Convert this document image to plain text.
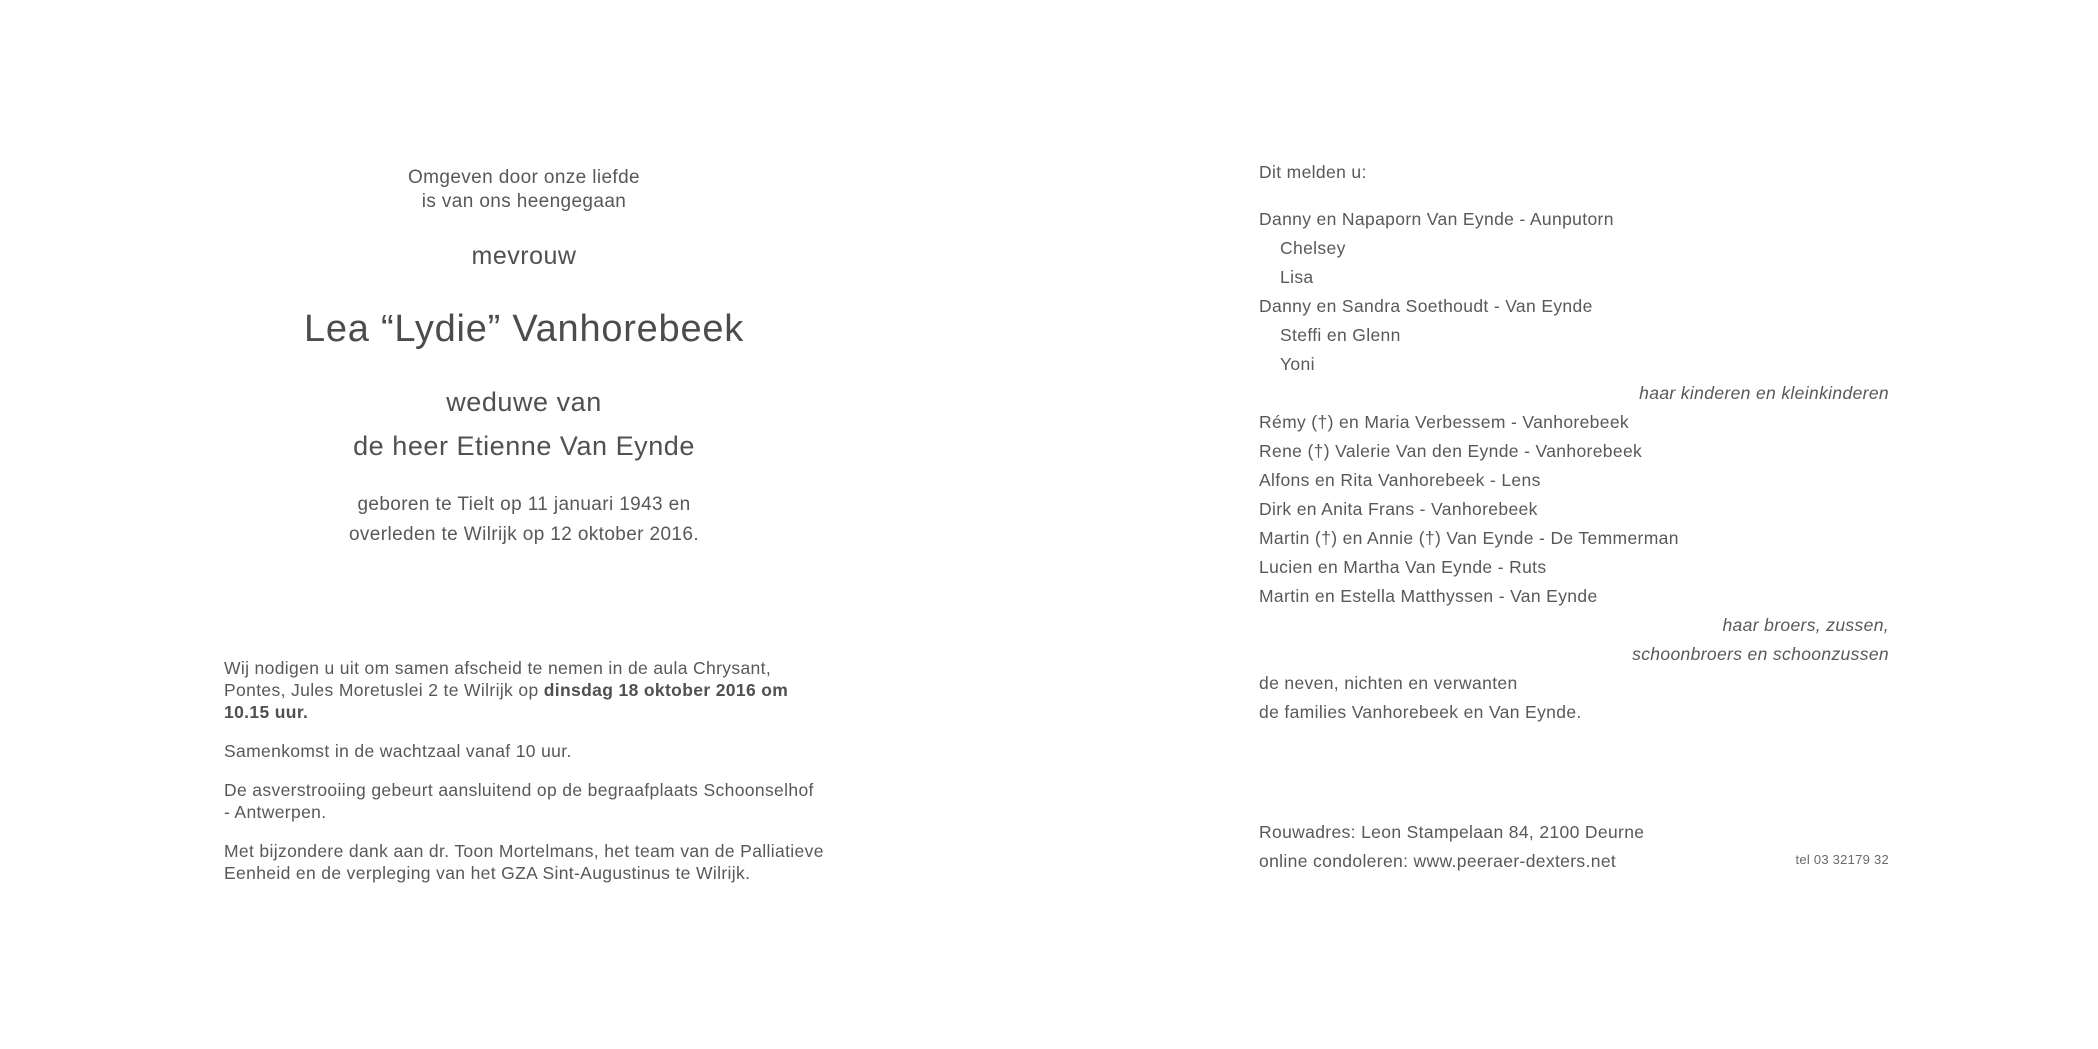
Omgeven door onze liefde
is van ons heengegaan
mevrouw
Lea “Lydie” Vanhorebeek
weduwe van
de heer Etienne Van Eynde
geboren te Tielt op 11 januari 1943 en
overleden te Wilrijk op 12 oktober 2016.

Wij nodigen u uit om samen afscheid te nemen in de aula Chrysant, Pontes, Jules Moretuslei 2 te Wilrijk op dinsdag 18 oktober 2016 om 10.15 uur.

Samenkomst in de wachtzaal vanaf 10 uur.

De asverstrooiing gebeurt aansluitend op de begraafplaats Schoonselhof - Antwerpen.

Met bijzondere dank aan dr. Toon Mortelmans, het team van de Palliatieve Eenheid en de verpleging van het GZA Sint-Augustinus te Wilrijk.

Dit melden u:

Danny en Napaporn Van Eynde - Aunputorn
Chelsey
Lisa
Danny en Sandra Soethoudt - Van Eynde
Steffi en Glenn
Yoni
haar kinderen en kleinkinderen
Rémy (†) en Maria Verbessem - Vanhorebeek
Rene (†) Valerie Van den Eynde - Vanhorebeek
Alfons en Rita Vanhorebeek - Lens
Dirk en Anita Frans - Vanhorebeek
Martin (†) en Annie (†) Van Eynde - De Temmerman
Lucien en Martha Van Eynde - Ruts
Martin en Estella Matthyssen - Van Eynde
haar broers, zussen,
schoonbroers en schoonzussen
de neven, nichten en verwanten
de families Vanhorebeek en Van Eynde.
Rouwadres: Leon Stampelaan 84, 2100 Deurne
online condoleren: www.peeraer-dexters.net	tel 03 32179 32
